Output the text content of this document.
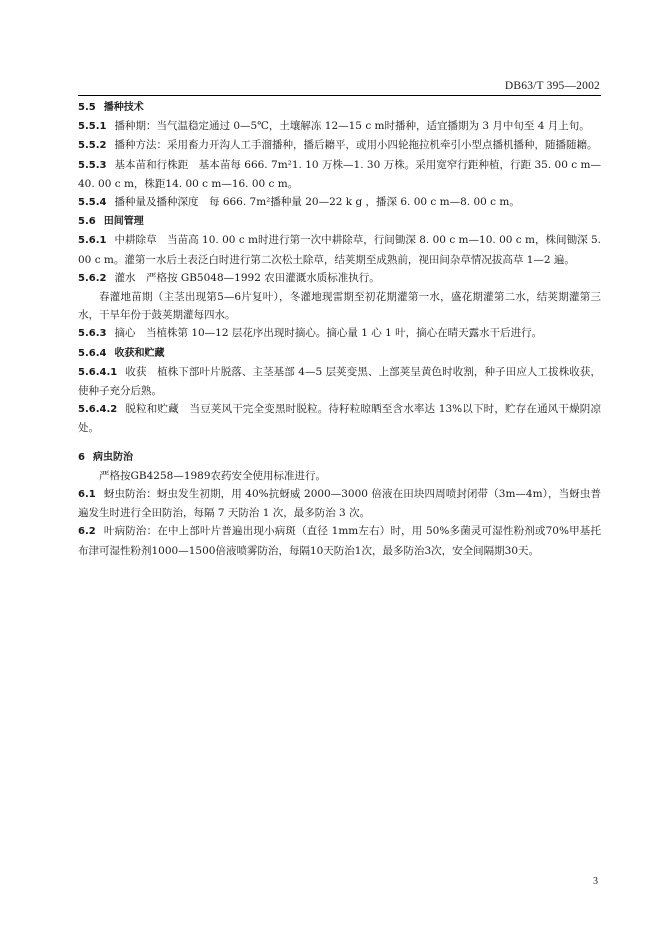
DB63/T 395—2002

5.5 播种技术

5.5.1 播种期：当气温稳定通过 0—5℃，土壤解冻 12—15 c m时播种，适宜播期为 3 月中旬至 4 月上旬。

5.5.2 播种方法：采用畜力开沟人工手溜播种，播后耱平，或用小四轮拖拉机牵引小型点播机播种，随播随耱。

5.5.3 基本苗和行株距　基本苗每 666. 7m²1. 10 万株—1. 30 万株。采用宽窄行距种植，行距 35. 00 c m—40. 00 c m，株距14. 00 c m—16. 00 c m。

5.5.4 播种量及播种深度　每 666. 7m²播种量 20—22 k g ，播深 6. 00 c m—8. 00 c m。

5.6 田间管理

5.6.1 中耕除草　当苗高 10. 00 c m时进行第一次中耕除草，行间锄深 8. 00 c m—10. 00 c m，株间锄深 5. 00 c m。灌第一水后土表泛白时进行第二次松土除草，结荚期至成熟前，视田间杂草情况拔高草 1—2 遍。

5.6.2 灌水　严格按 GB5048—1992 农田灌溉水质标准执行。

春灌地苗期（主茎出现第5—6片复叶），冬灌地现雷期至初花期灌第一水，盛花期灌第二水，结荚期灌第三水，干旱年份于鼓荚期灌每四水。

5.6.3 摘心　当植株第 10—12 层花序出现时摘心。摘心量 1 心 1 叶，摘心在晴天露水干后进行。

5.6.4 收获和贮藏

5.6.4.1 收获　植株下部叶片脱落、主茎基部 4—5 层荚变黑、上部荚呈黄色时收割，种子田应人工拔株收获，使种子充分后熟。

5.6.4.2 脱粒和贮藏　当豆荚风干完全变黑时脱粒。待籽粒晾晒至含水率达 13%以下时，贮存在通风干燥阴凉处。

6 病虫防治

严格按GB4258—1989农药安全使用标准进行。

6.1 蚜虫防治：蚜虫发生初期，用 40%抗蚜威 2000—3000 倍液在田块四周喷封闭带（3m—4m），当蚜虫普遍发生时进行全田防治，每隔 7 天防治 1 次，最多防治 3 次。

6.2 叶病防治：在中上部叶片普遍出现小病斑（直径 1mm左右）时，用 50%多菌灵可湿性粉剂或70%甲基托布津可湿性粉剂1000—1500倍液喷雾防治，每隔10天防治1次，最多防治3次，安全间隔期30天。

3
